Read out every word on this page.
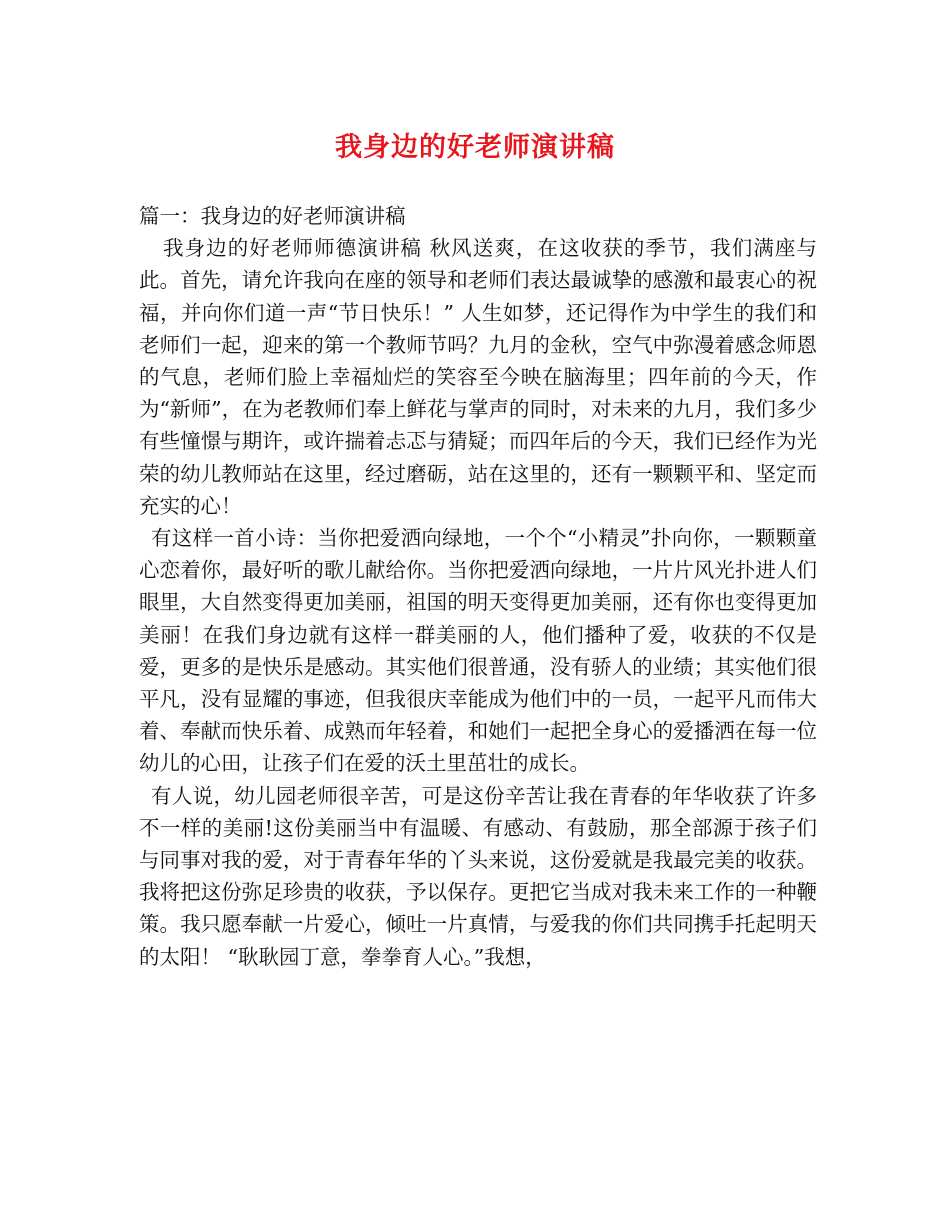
我身边的好老师演讲稿

篇一：我身边的好老师演讲稿

我身边的好老师师德演讲稿 秋风送爽，在这收获的季节，我们满座与此。首先，请允许我向在座的领导和老师们表达最诚挚的感激和最衷心的祝福，并向你们道一声“节日快乐！” 人生如梦，还记得作为中学生的我们和老师们一起，迎来的第一个教师节吗？九月的金秋，空气中弥漫着感念师恩的气息，老师们脸上幸福灿烂的笑容至今映在脑海里；四年前的今天，作为“新师”，在为老教师们奉上鲜花与掌声的同时，对未来的九月，我们多少有些憧憬与期许，或许揣着忐忑与猜疑；而四年后的今天，我们已经作为光荣的幼儿教师站在这里，经过磨砺，站在这里的，还有一颗颗平和、坚定而充实的心！

有这样一首小诗：当你把爱洒向绿地，一个个“小精灵”扑向你，一颗颗童心恋着你，最好听的歌儿献给你。当你把爱洒向绿地，一片片风光扑进人们眼里，大自然变得更加美丽，祖国的明天变得更加美丽，还有你也变得更加美丽！在我们身边就有这样一群美丽的人，他们播种了爱，收获的不仅是爱，更多的是快乐是感动。其实他们很普通，没有骄人的业绩；其实他们很平凡，没有显耀的事迹，但我很庆幸能成为他们中的一员，一起平凡而伟大着、奉献而快乐着、成熟而年轻着，和她们一起把全身心的爱播洒在每一位幼儿的心田，让孩子们在爱的沃土里茁壮的成长。

有人说，幼儿园老师很辛苦，可是这份辛苦让我在青春的年华收获了许多不一样的美丽!这份美丽当中有温暖、有感动、有鼓励，那全部源于孩子们与同事对我的爱，对于青春年华的丫头来说，这份爱就是我最完美的收获。我将把这份弥足珍贵的收获，予以保存。更把它当成对我未来工作的一种鞭策。我只愿奉献一片爱心，倾吐一片真情，与爱我的你们共同携手托起明天的太阳！ “耿耿园丁意，拳拳育人心。”我想，
